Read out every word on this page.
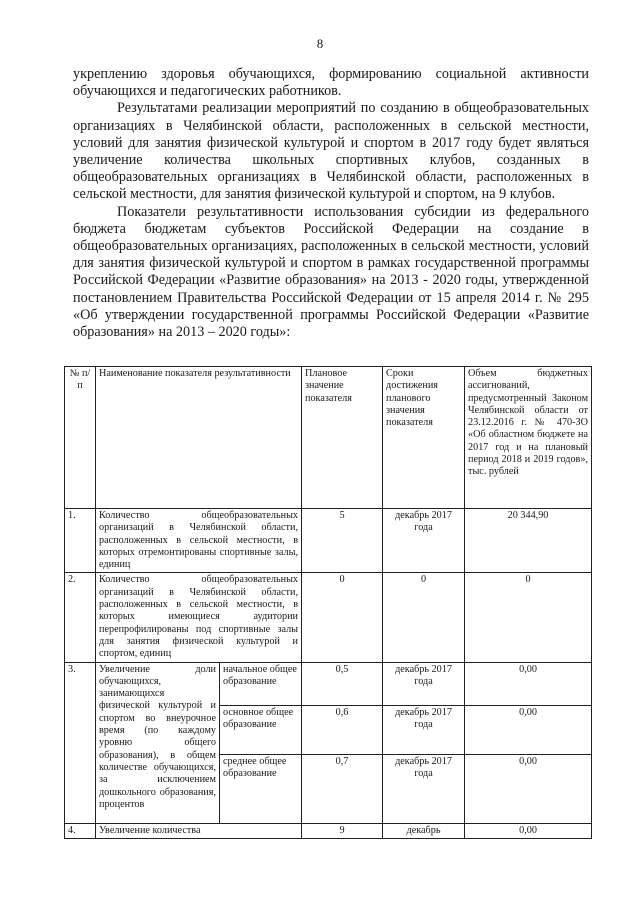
8

укреплению здоровья обучающихся, формированию социальной активности обучающихся и педагогических работников.

Результатами реализации мероприятий по созданию в общеобразовательных организациях в Челябинской области, расположенных в сельской местности, условий для занятия физической культурой и спортом в 2017 году будет являться увеличение количества школьных спортивных клубов, созданных в общеобразовательных организациях в Челябинской области, расположенных в сельской местности, для занятия физической культурой и спортом, на 9 клубов.

Показатели результативности использования субсидии из федерального бюджета бюджетам субъектов Российской Федерации на создание в общеобразовательных организациях, расположенных в сельской местности, условий для занятия физической культурой и спортом в рамках государственной программы Российской Федерации «Развитие образования» на 2013 - 2020 годы, утвержденной постановлением Правительства Российской Федерации от 15 апреля 2014 г. № 295 «Об утверждении государственной программы Российской Федерации «Развитие образования» на 2013 – 2020 годы»:

№ п/п	Наименование показателя результативности		Плановое значение показателя	Сроки достижения планового значения показателя	Объем бюджетных ассигнований, предусмотренный Законом Челябинской области от 23.12.2016 г. № 470-ЗО «Об областном бюджете на 2017 год и на плановый период 2018 и 2019 годов», тыс. рублей
1.	Количество общеобразовательных организаций в Челябинской области, расположенных в сельской местности, в которых отремонтированы спортивные залы, единиц		5	декабрь 2017 года	20 344,90
2.	Количество общеобразовательных организаций в Челябинской области, расположенных в сельской местности, в которых имеющиеся аудитории перепрофилированы под спортивные залы для занятия физической культурой и спортом, единиц		0	0	0
3.	Увеличение доли обучающихся, занимающихся физической культурой и спортом во внеурочное время (по каждому уровню общего образования), в общем количестве обучающихся, за исключением дошкольного образования, процентов	начальное общее образование	0,5	декабрь 2017 года	0,00
		основное общее образование	0,6	декабрь 2017 года	0,00
		среднее общее образование	0,7	декабрь 2017 года	0,00
4.	Увеличение количества		9	декабрь	0,00
